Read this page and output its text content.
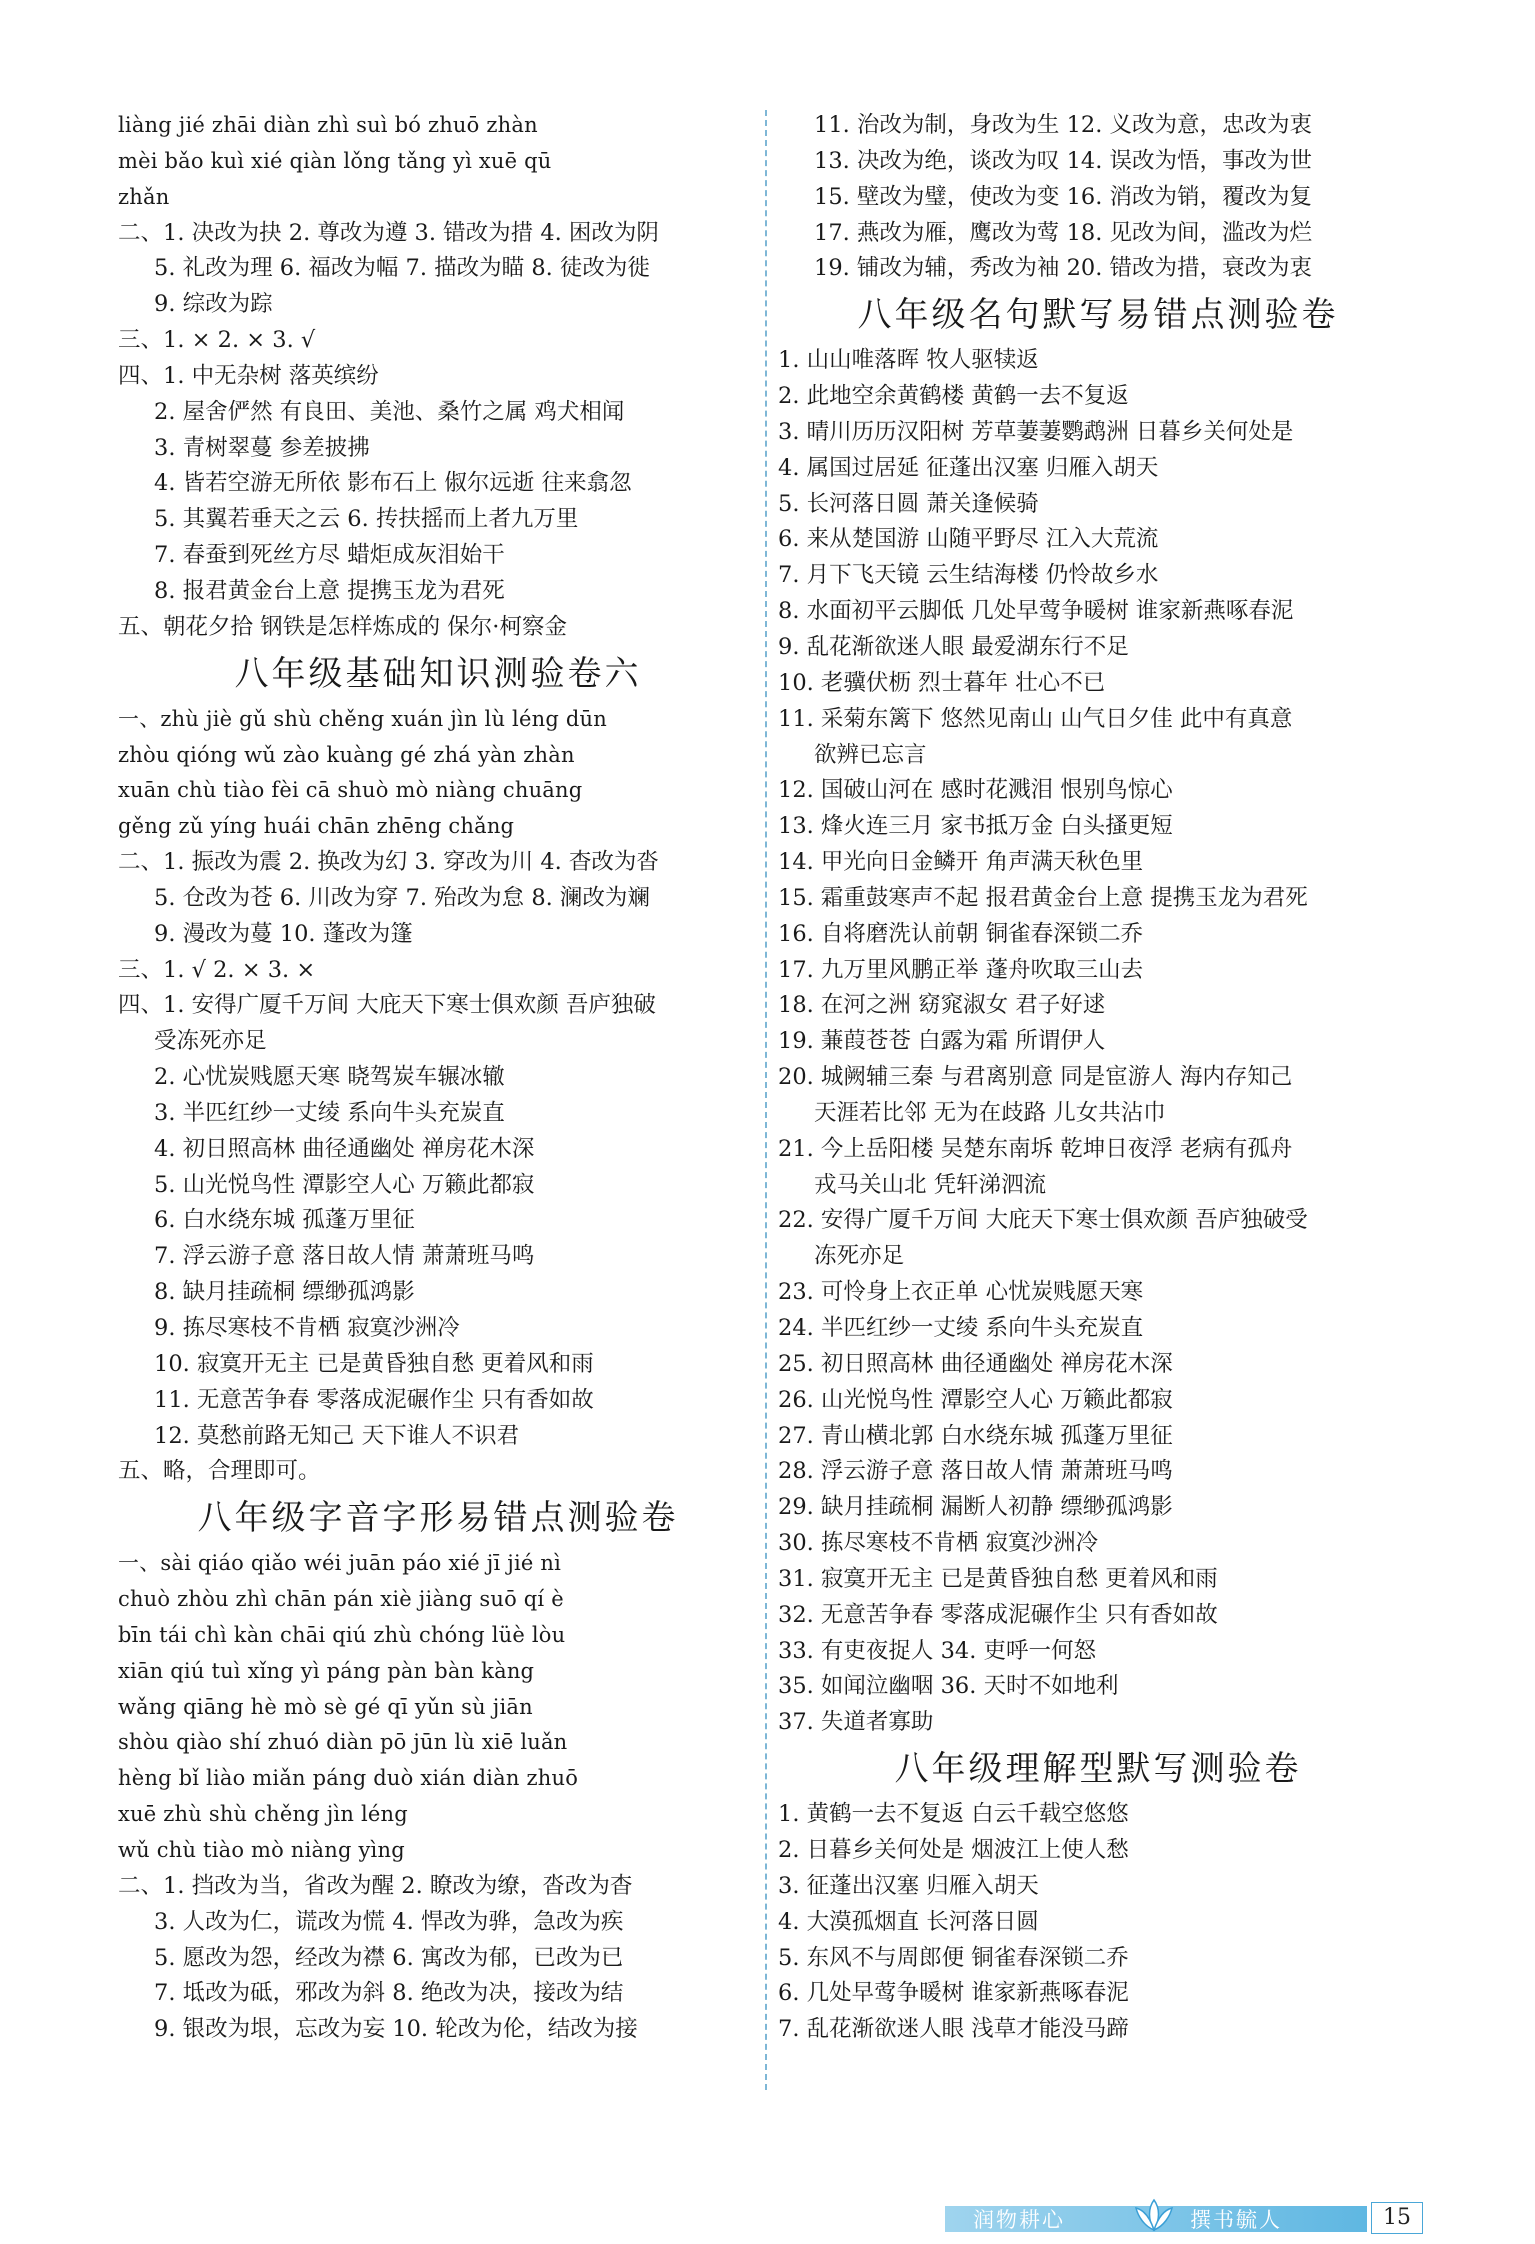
liàng jié zhāi diàn zhì suì bó zhuō zhàn
mèi bǎo kuì xié qiàn lǒng tǎng yì xuē qū
zhǎn
二、1. 决改为抉 2. 尊改为遵 3. 错改为措 4. 困改为阴
5. 礼改为理 6. 福改为幅 7. 描改为瞄 8. 徒改为徙
9. 综改为踪
三、1. × 2. × 3. √
四、1. 中无杂树 落英缤纷
2. 屋舍俨然 有良田、美池、桑竹之属 鸡犬相闻
3. 青树翠蔓 参差披拂
4. 皆若空游无所依 影布石上 俶尔远逝 往来翕忽
5. 其翼若垂天之云 6. 抟扶摇而上者九万里
7. 春蚕到死丝方尽 蜡炬成灰泪始干
8. 报君黄金台上意 提携玉龙为君死
五、朝花夕拾 钢铁是怎样炼成的 保尔·柯察金
八年级基础知识测验卷六
一、zhù jiè gǔ shù chěng xuán jìn lù léng dūn
zhòu qióng wǔ zào kuàng gé zhá yàn zhàn
xuān chù tiào fèi cā shuò mò niàng chuāng
gěng zǔ yíng huái chān zhēng chǎng
二、1. 振改为震 2. 换改为幻 3. 穿改为川 4. 杳改为沓
5. 仓改为苍 6. 川改为穿 7. 殆改为怠 8. 澜改为斓
9. 漫改为蔓 10. 蓬改为篷
三、1. √ 2. × 3. ×
四、1. 安得广厦千万间 大庇天下寒士俱欢颜 吾庐独破
受冻死亦足
2. 心忧炭贱愿天寒 晓驾炭车辗冰辙
3. 半匹红纱一丈绫 系向牛头充炭直
4. 初日照高林 曲径通幽处 禅房花木深
5. 山光悦鸟性 潭影空人心 万籁此都寂
6. 白水绕东城 孤蓬万里征
7. 浮云游子意 落日故人情 萧萧班马鸣
8. 缺月挂疏桐 缥缈孤鸿影
9. 拣尽寒枝不肯栖 寂寞沙洲冷
10. 寂寞开无主 已是黄昏独自愁 更着风和雨
11. 无意苦争春 零落成泥碾作尘 只有香如故
12. 莫愁前路无知己 天下谁人不识君
五、略，合理即可。
八年级字音字形易错点测验卷
一、sài qiáo qiǎo wéi juān páo xié jī jié nì
chuò zhòu zhì chān pán xiè jiàng suō qí è
bīn tái chì kàn chāi qiú zhù chóng lüè lòu
xiān qiú tuì xǐng yì páng pàn bàn kàng
wǎng qiāng hè mò sè gé qī yǔn sù jiān
shòu qiào shí zhuó diàn pō jūn lù xiē luǎn
hèng bǐ liào miǎn páng duò xián diàn zhuō
xuē zhù shù chěng jìn léng
wǔ chù tiào mò niàng yìng
二、1. 挡改为当，省改为醒 2. 瞭改为缭，沓改为杳
3. 人改为仁，谎改为慌 4. 悍改为骅，急改为疾
5. 愿改为怨，经改为襟 6. 寓改为郁，已改为已
7. 坻改为砥，邪改为斜 8. 绝改为决，接改为结
9. 银改为垠，忘改为妄 10. 轮改为伦，结改为接
11. 治改为制，身改为生 12. 义改为意，忠改为衷
13. 决改为绝，谈改为叹 14. 误改为悟，事改为世
15. 壁改为璧，使改为变 16. 消改为销，覆改为复
17. 燕改为雁，鹰改为莺 18. 见改为间，滥改为烂
19. 铺改为辅，秀改为袖 20. 错改为措，衰改为衷
八年级名句默写易错点测验卷
1. 山山唯落晖 牧人驱犊返
2. 此地空余黄鹤楼 黄鹤一去不复返
3. 晴川历历汉阳树 芳草萋萋鹦鹉洲 日暮乡关何处是
4. 属国过居延 征蓬出汉塞 归雁入胡天
5. 长河落日圆 萧关逢候骑
6. 来从楚国游 山随平野尽 江入大荒流
7. 月下飞天镜 云生结海楼 仍怜故乡水
8. 水面初平云脚低 几处早莺争暖树 谁家新燕啄春泥
9. 乱花渐欲迷人眼 最爱湖东行不足
10. 老骥伏枥 烈士暮年 壮心不已
11. 采菊东篱下 悠然见南山 山气日夕佳 此中有真意
欲辨已忘言
12. 国破山河在 感时花溅泪 恨别鸟惊心
13. 烽火连三月 家书抵万金 白头搔更短
14. 甲光向日金鳞开 角声满天秋色里
15. 霜重鼓寒声不起 报君黄金台上意 提携玉龙为君死
16. 自将磨洗认前朝 铜雀春深锁二乔
17. 九万里风鹏正举 蓬舟吹取三山去
18. 在河之洲 窈窕淑女 君子好逑
19. 蒹葭苍苍 白露为霜 所谓伊人
20. 城阙辅三秦 与君离别意 同是宦游人 海内存知己
天涯若比邻 无为在歧路 儿女共沾巾
21. 今上岳阳楼 吴楚东南坼 乾坤日夜浮 老病有孤舟
戎马关山北 凭轩涕泗流
22. 安得广厦千万间 大庇天下寒士俱欢颜 吾庐独破受
冻死亦足
23. 可怜身上衣正单 心忧炭贱愿天寒
24. 半匹红纱一丈绫 系向牛头充炭直
25. 初日照高林 曲径通幽处 禅房花木深
26. 山光悦鸟性 潭影空人心 万籁此都寂
27. 青山横北郭 白水绕东城 孤蓬万里征
28. 浮云游子意 落日故人情 萧萧班马鸣
29. 缺月挂疏桐 漏断人初静 缥缈孤鸿影
30. 拣尽寒枝不肯栖 寂寞沙洲冷
31. 寂寞开无主 已是黄昏独自愁 更着风和雨
32. 无意苦争春 零落成泥碾作尘 只有香如故
33. 有吏夜捉人 34. 吏呼一何怒
35. 如闻泣幽咽 36. 天时不如地利
37. 失道者寡助
八年级理解型默写测验卷
1. 黄鹤一去不复返 白云千载空悠悠
2. 日暮乡关何处是 烟波江上使人愁
3. 征蓬出汉塞 归雁入胡天
4. 大漠孤烟直 长河落日圆
5. 东风不与周郎便 铜雀春深锁二乔
6. 几处早莺争暖树 谁家新燕啄春泥
7. 乱花渐欲迷人眼 浅草才能没马蹄
润物耕心	撰书毓人	15
